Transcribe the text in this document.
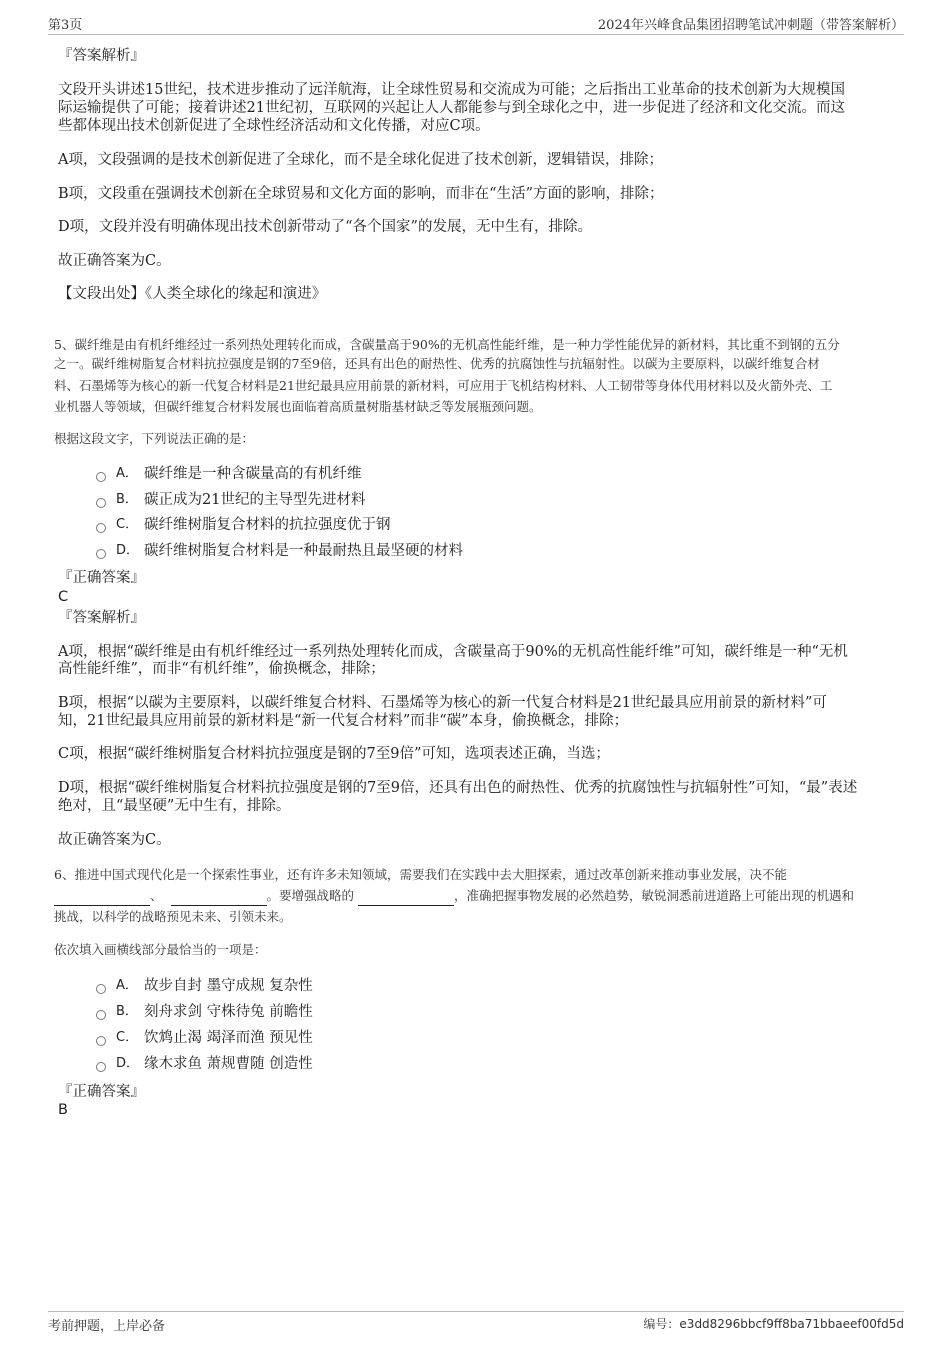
第3页	2024年兴峰食品集团招聘笔试冲刺题（带答案解析）
『答案解析』
文段开头讲述15世纪，技术进步推动了远洋航海，让全球性贸易和交流成为可能；之后指出工业革命的技术创新为大规模国
际运输提供了可能；接着讲述21世纪初，互联网的兴起让人人都能参与到全球化之中，进一步促进了经济和文化交流。而这
些都体现出技术创新促进了全球性经济活动和文化传播，对应C项。
A项，文段强调的是技术创新促进了全球化，而不是全球化促进了技术创新，逻辑错误，排除；
B项，文段重在强调技术创新在全球贸易和文化方面的影响，而非在“生活”方面的影响，排除；
D项，文段并没有明确体现出技术创新带动了“各个国家”的发展，无中生有，排除。
故正确答案为C。
【文段出处】《人类全球化的缘起和演进》
5、碳纤维是由有机纤维经过一系列热处理转化而成，含碳量高于90%的无机高性能纤维，是一种力学性能优异的新材料，其比重不到钢的五分
之一。碳纤维树脂复合材料抗拉强度是钢的7至9倍，还具有出色的耐热性、优秀的抗腐蚀性与抗辐射性。以碳为主要原料，以碳纤维复合材
料、石墨烯等为核心的新一代复合材料是21世纪最具应用前景的新材料，可应用于飞机结构材料、人工韧带等身体代用材料以及火箭外壳、工
业机器人等领域，但碳纤维复合材料发展也面临着高质量树脂基材缺乏等发展瓶颈问题。
根据这段文字，下列说法正确的是：
A． 碳纤维是一种含碳量高的有机纤维
B． 碳正成为21世纪的主导型先进材料
C． 碳纤维树脂复合材料的抗拉强度优于钢
D． 碳纤维树脂复合材料是一种最耐热且最坚硬的材料
『正确答案』
C
『答案解析』
A项，根据“碳纤维是由有机纤维经过一系列热处理转化而成，含碳量高于90%的无机高性能纤维”可知，碳纤维是一种“无机
高性能纤维”，而非“有机纤维”，偷换概念，排除；
B项，根据“以碳为主要原料，以碳纤维复合材料、石墨烯等为核心的新一代复合材料是21世纪最具应用前景的新材料”可
知，21世纪最具应用前景的新材料是“新一代复合材料”而非“碳”本身，偷换概念，排除；
C项，根据“碳纤维树脂复合材料抗拉强度是钢的7至9倍”可知，选项表述正确，当选；
D项，根据“碳纤维树脂复合材料抗拉强度是钢的7至9倍，还具有出色的耐热性、优秀的抗腐蚀性与抗辐射性”可知，“最”表述
绝对，且“最坚硬”无中生有，排除。
故正确答案为C。
6、推进中国式现代化是一个探索性事业，还有许多未知领域，需要我们在实践中去大胆探索，通过改革创新来推动事业发展，决不能
、	。要增强战略的	，准确把握事物发展的必然趋势，敏锐洞悉前进道路上可能出现的机遇和
挑战，以科学的战略预见未来、引领未来。
依次填入画横线部分最恰当的一项是：
A． 故步自封 墨守成规 复杂性
B． 刻舟求剑 守株待兔 前瞻性
C． 饮鸩止渴 竭泽而渔 预见性
D． 缘木求鱼 萧规曹随 创造性
『正确答案』
B
考前押题，上岸必备	编号：e3dd8296bbcf9ff8ba71bbaeef00fd5d
